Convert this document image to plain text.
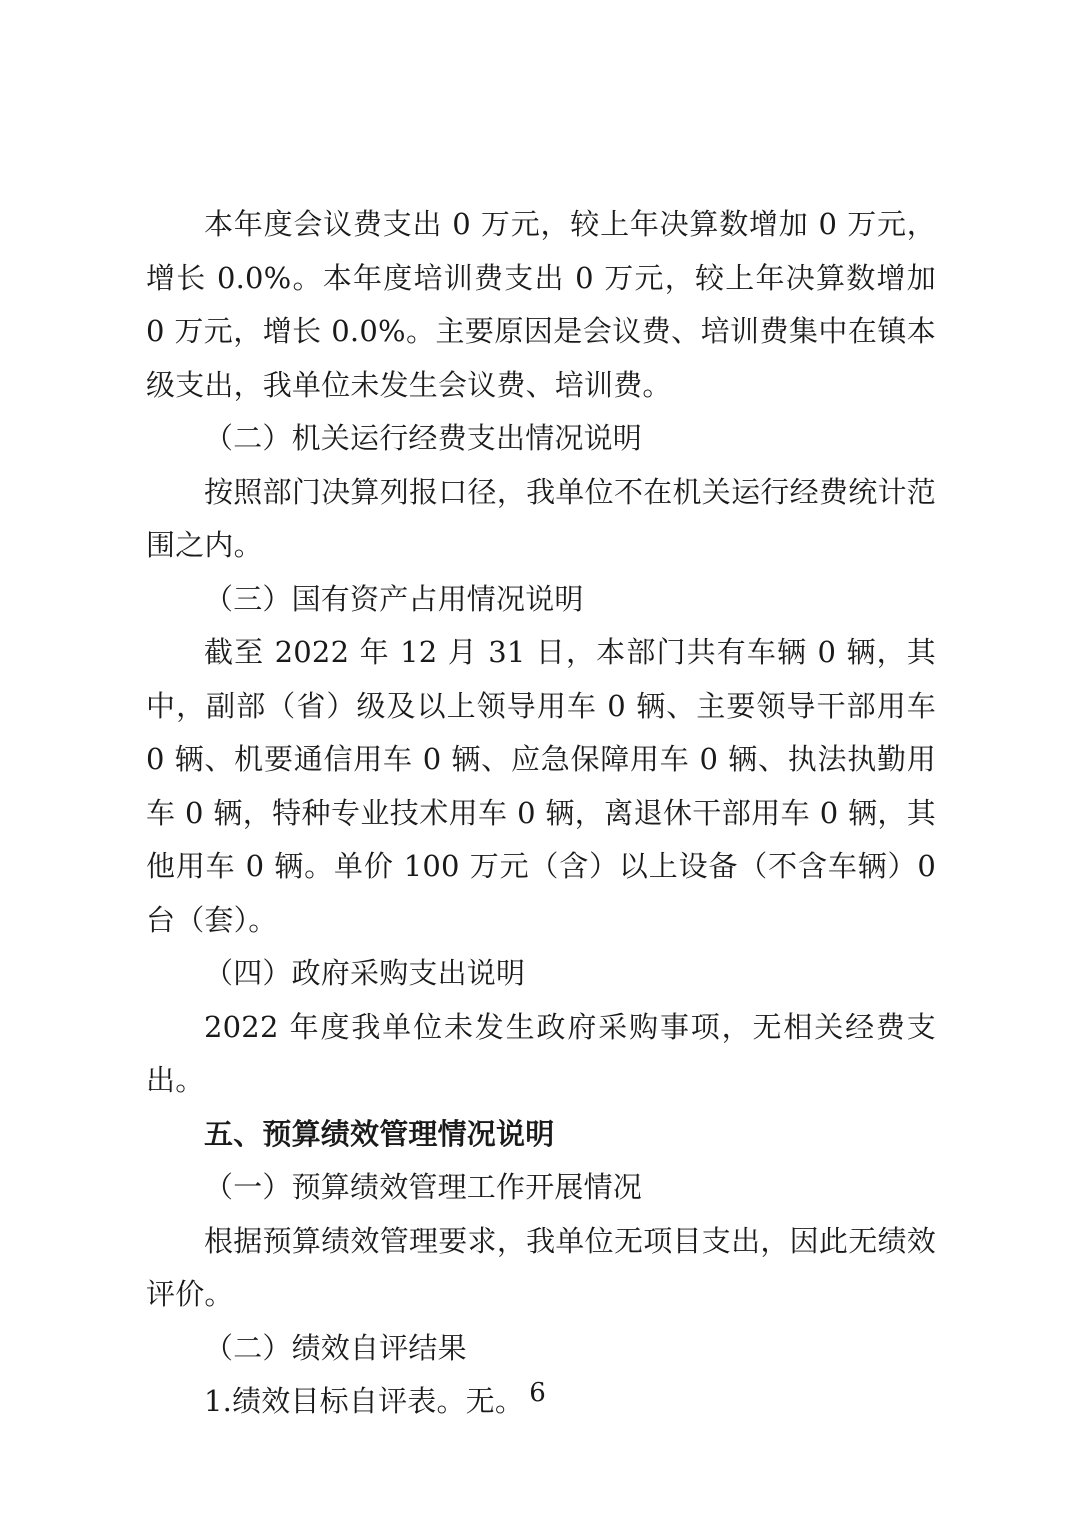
本年度会议费支出 0 万元，较上年决算数增加 0 万元，增长 0.0%。本年度培训费支出 0 万元，较上年决算数增加 0 万元，增长 0.0%。主要原因是会议费、培训费集中在镇本级支出，我单位未发生会议费、培训费。

（二）机关运行经费支出情况说明

按照部门决算列报口径，我单位不在机关运行经费统计范围之内。

（三）国有资产占用情况说明

截至 2022 年 12 月 31 日，本部门共有车辆 0 辆，其中，副部（省）级及以上领导用车 0 辆、主要领导干部用车 0 辆、机要通信用车 0 辆、应急保障用车 0 辆、执法执勤用车 0 辆，特种专业技术用车 0 辆，离退休干部用车 0 辆，其他用车 0 辆。单价 100 万元（含）以上设备（不含车辆）0 台（套）。

（四）政府采购支出说明

2022 年度我单位未发生政府采购事项，无相关经费支出。

五、预算绩效管理情况说明

（一）预算绩效管理工作开展情况

根据预算绩效管理要求，我单位无项目支出，因此无绩效评价。

（二）绩效自评结果

1.绩效目标自评表。无。 6
